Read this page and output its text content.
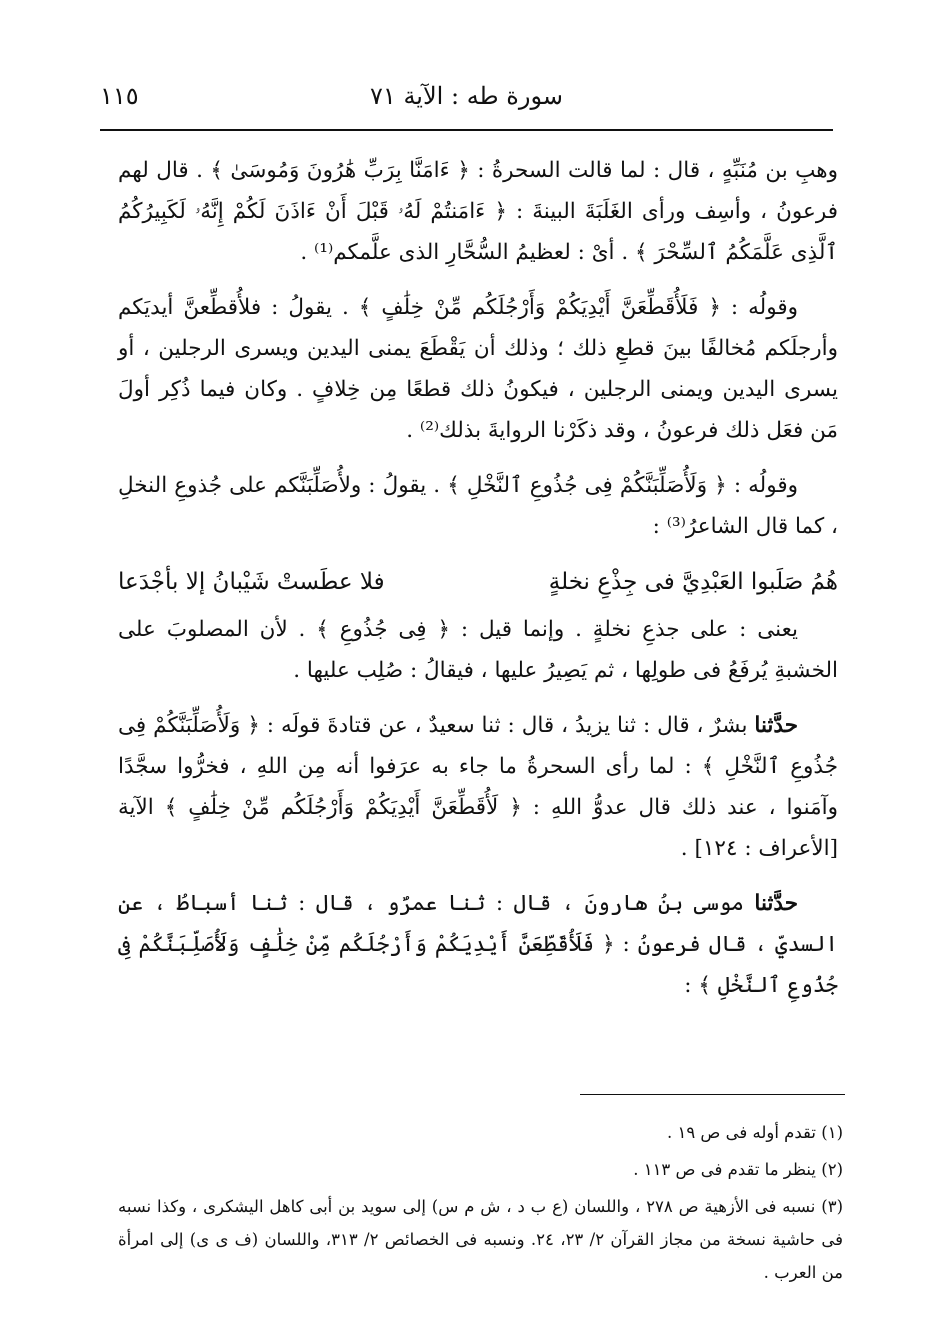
١١٥	سورة طه : الآية ٧١

وهبِ بن مُنَبِّهٍ ، قال : لما قالت السحرةُ : ﴿ ءَامَنَّا بِرَبِّ هَٰرُونَ وَمُوسَىٰ ﴾ . قال لهم فرعونُ ، وأسِف ورأى الغَلَبَةَ البينةَ : ﴿ ءَامَنتُمْ لَهُۥ قَبْلَ أَنْ ءَاذَنَ لَكُمْ إِنَّهُۥ لَكَبِيرُكُمُ ٱلَّذِى عَلَّمَكُمُ ٱلسِّحْرَ ﴾ . أىْ : لعظيمُ السُّحَّارِ الذى علَّمكم⁽¹⁾ .

وقولُه : ﴿ فَلَأُقَطِّعَنَّ أَيْدِيَكُمْ وَأَرْجُلَكُم مِّنْ خِلَٰفٍ ﴾ . يقولُ : فلأُقطِّعنَّ أيديَكم وأرجلَكم مُخالفًا بينَ قطعِ ذلك ؛ وذلك أن يَقْطَعَ يمنى اليدين ويسرى الرجلين ، أو يسرى اليدين ويمنى الرجلين ، فيكونُ ذلك قطعًا مِن خِلافٍ . وكان فيما ذُكِر أولَ مَن فعَل ذلك فرعونُ ، وقد ذكَرْنا الروايةَ بذلك⁽²⁾ .

وقولُه : ﴿ وَلَأُصَلِّبَنَّكُمْ فِى جُذُوعِ ٱلنَّخْلِ ﴾ . يقولُ : ولأُصَلِّبَنَّكم على جُذوعِ النخلِ ، كما قال الشاعرُ⁽³⁾ :

هُمُ صَلَبوا العَبْدِيَّ فى جِذْعِ نخلةٍ
فلا عطَستْ شَيْبانُ إلا بأجْدَعا

يعنى : على جذعِ نخلةٍ . وإنما قيل : ﴿ فِى جُذُوعِ ﴾ . لأن المصلوبَ على الخشبةِ يُرفَعُ فى طولِها ، ثم يَصِيرُ عليها ، فيقالُ : صُلِب عليها .

حدَّثنا بشرٌ ، قال : ثنا يزيدُ ، قال : ثنا سعيدٌ ، عن قتادةَ قولَه : ﴿ وَلَأُصَلِّبَنَّكُمْ فِى جُذُوعِ ٱلنَّخْلِ ﴾ : لما رأى السحرةُ ما جاء به عرَفوا أنه مِن اللهِ ، فخرُّوا سجَّدًا وآمَنوا ، عند ذلك قال عدوُّ اللهِ : ﴿ لَأُقَطِّعَنَّ أَيْدِيَكُمْ وَأَرْجُلَكُم مِّنْ خِلَٰفٍ ﴾ الآية [الأعراف : ١٢٤] .

حدَّثنا موسى بنُ هارونَ ، قال : ثنا عمرٌو ، قال : ثنا أسباطُ ، عن السديِّ ، قال فرعونُ : ﴿ فَلَأُقَطِّعَنَّ أَيْدِيَكُمْ وَأَرْجُلَكُم مِّنْ خِلَٰفٍ وَلَأُصَلِّبَنَّكُمْ فِى جُذُوعِ ٱلنَّخْلِ ﴾ :

(١) تقدم أوله فى ص ١٩ .

(٢) ينظر ما تقدم فى ص ١١٣ .

(٣) نسبه فى الأزهية ص ٢٧٨ ، واللسان (ع ب د ، ش م س) إلى سويد بن أبى كاهل اليشكرى ، وكذا نسبه فى حاشية نسخة من مجاز القرآن ٢/ ٢٣، ٢٤. ونسبه فى الخصائص ٢/ ٣١٣، واللسان (ف ى ى) إلى امرأة من العرب .
